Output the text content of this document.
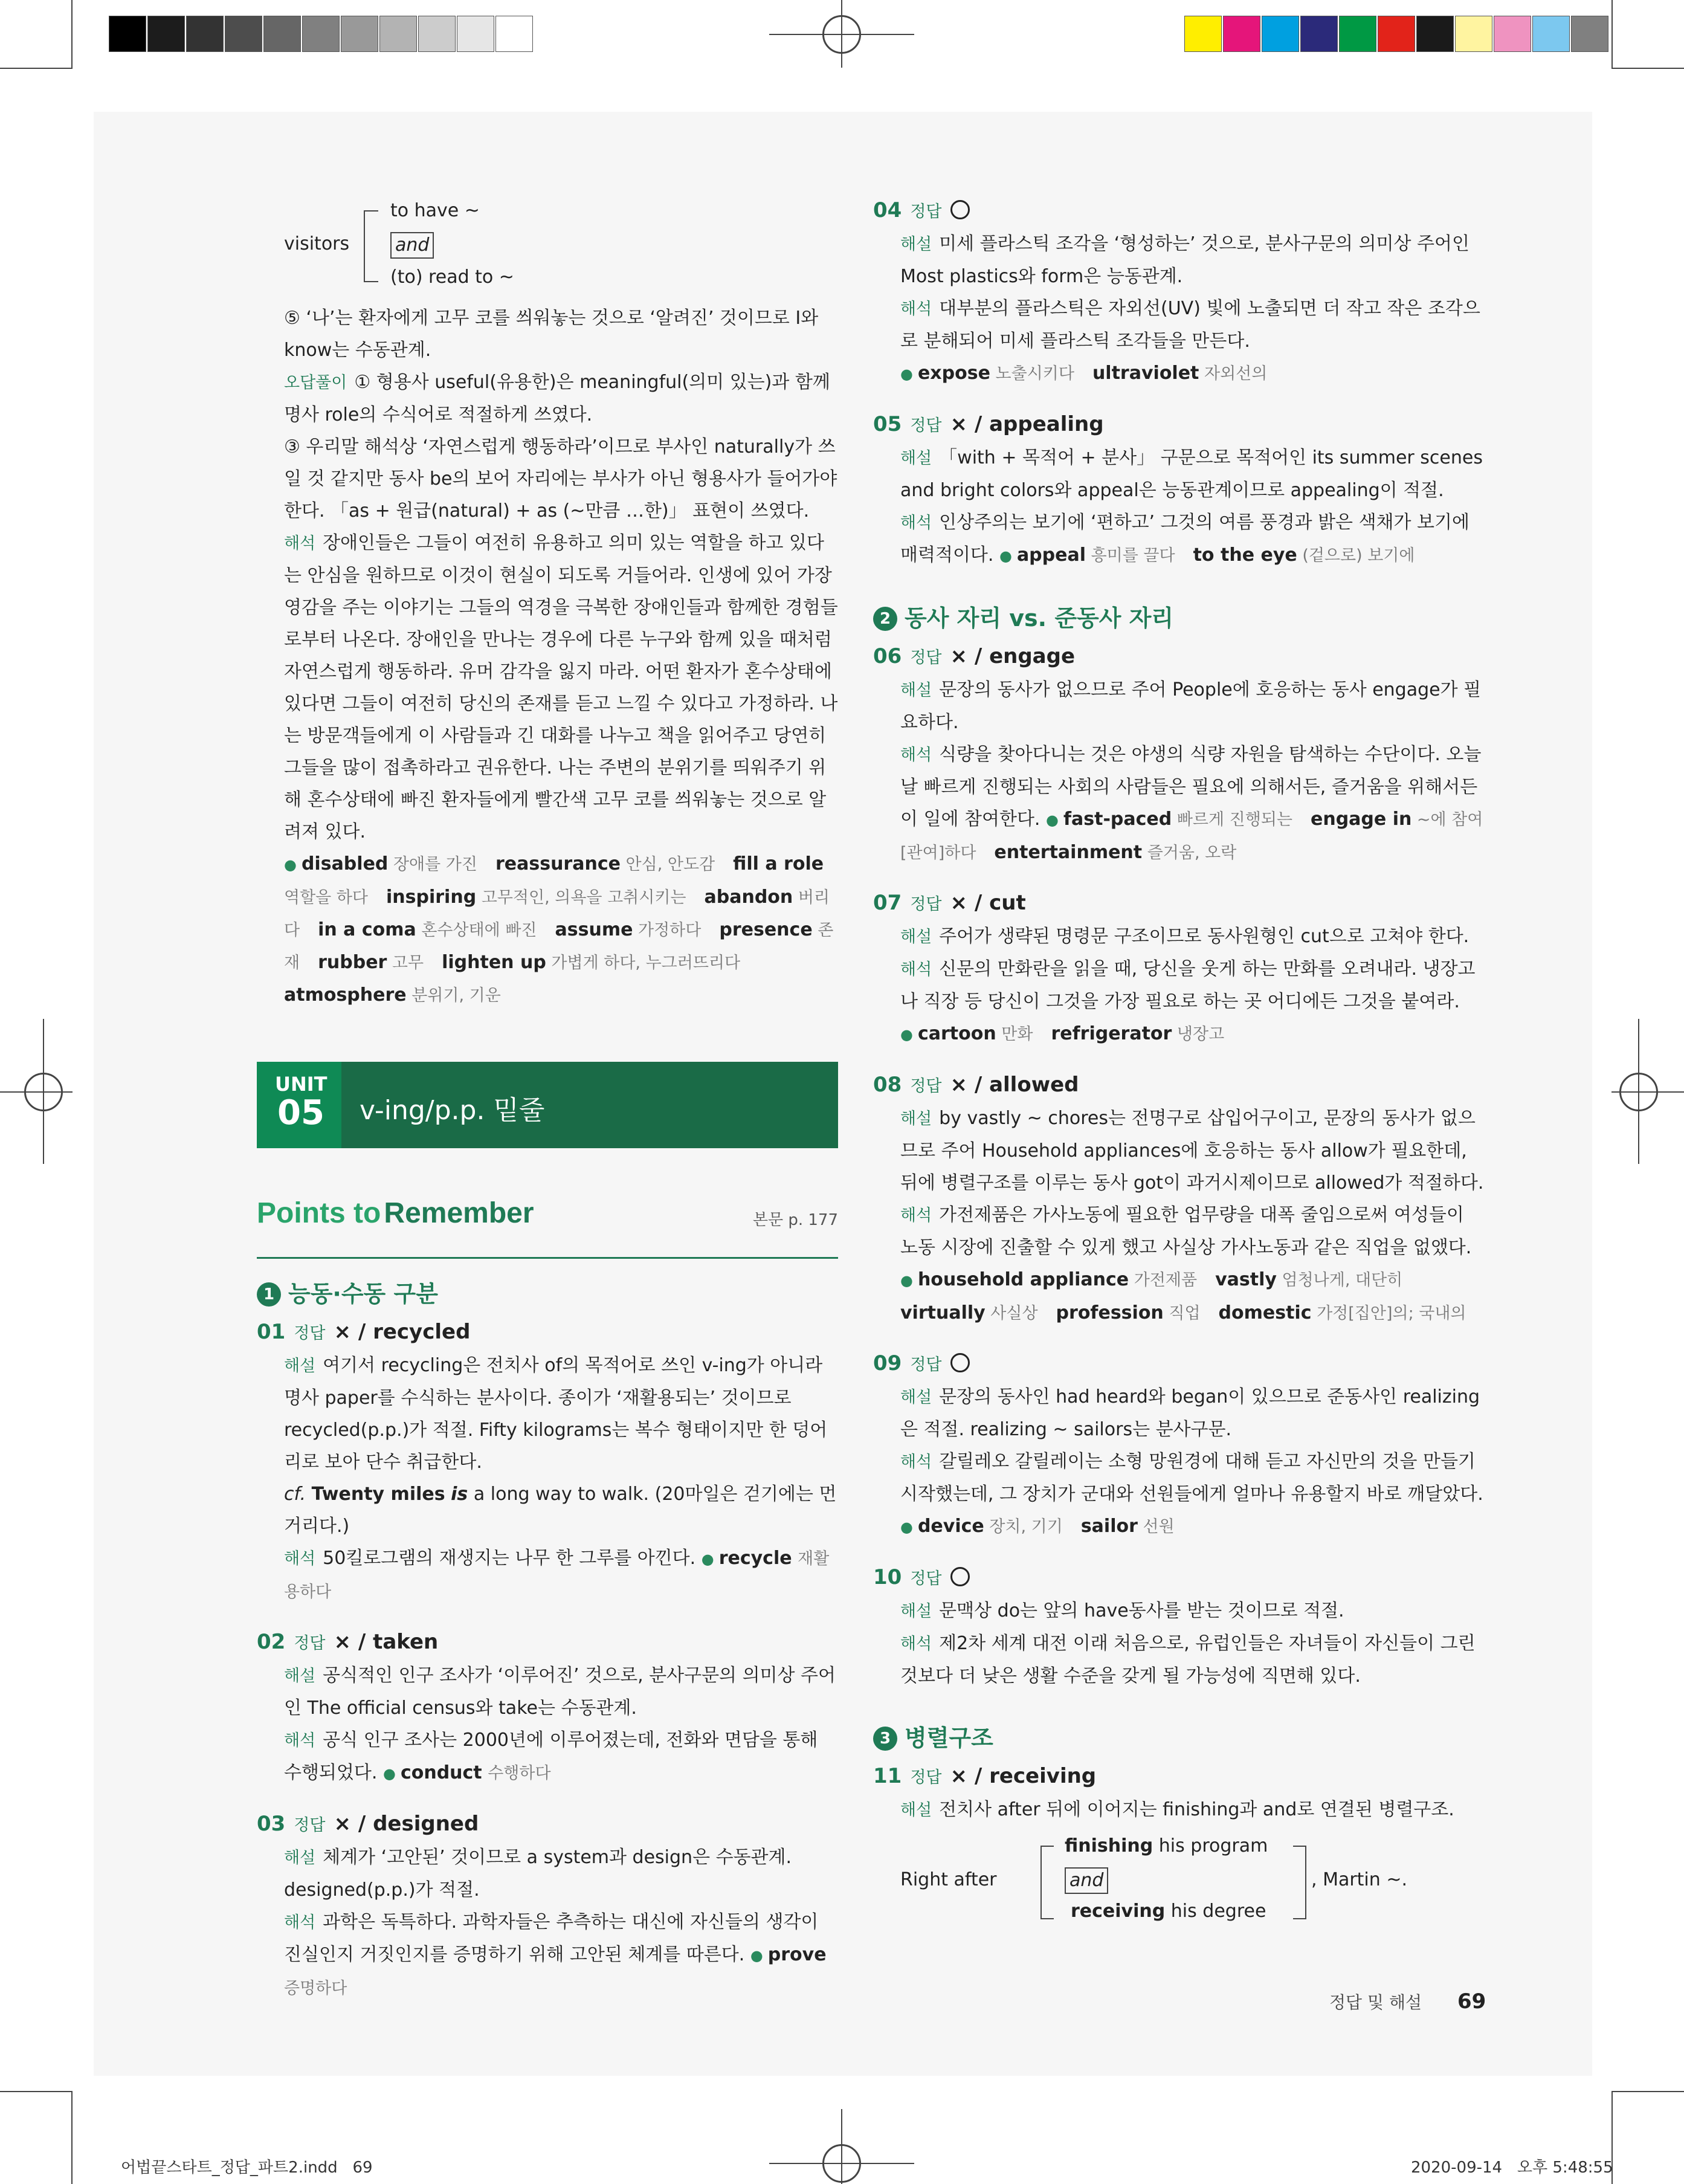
visitors
to have ~
and
(to) read to ~

⑤ ‘나’는 환자에게 고무 코를 씌워놓는 것으로 ‘알려진’ 것이므로 I와 know는 수동관계.

오답풀이 ① 형용사 useful(유용한)은 meaningful(의미 있는)과 함께 명사 role의 수식어로 적절하게 쓰였다.

③ 우리말 해석상 ‘자연스럽게 행동하라’이므로 부사인 naturally가 쓰일 것 같지만 동사 be의 보어 자리에는 부사가 아닌 형용사가 들어가야 한다. 「as + 원급(natural) + as (~만큼 …한)」 표현이 쓰였다.

해석 장애인들은 그들이 여전히 유용하고 의미 있는 역할을 하고 있다는 안심을 원하므로 이것이 현실이 되도록 거들어라. 인생에 있어 가장 영감을 주는 이야기는 그들의 역경을 극복한 장애인들과 함께한 경험들로부터 나온다. 장애인을 만나는 경우에 다른 누구와 함께 있을 때처럼 자연스럽게 행동하라. 유머 감각을 잃지 마라. 어떤 환자가 혼수상태에 있다면 그들이 여전히 당신의 존재를 듣고 느낄 수 있다고 가정하라. 나는 방문객들에게 이 사람들과 긴 대화를 나누고 책을 읽어주고 당연히 그들을 많이 접촉하라고 권유한다. 나는 주변의 분위기를 띄워주기 위해 혼수상태에 빠진 환자들에게 빨간색 고무 코를 씌워놓는 것으로 알려져 있다.

● disabled 장애를 가진  reassurance 안심, 안도감  fill a role 역할을 하다  inspiring 고무적인, 의욕을 고취시키는  abandon 버리다  in a coma 혼수상태에 빠진  assume 가정하다  presence 존재  rubber 고무  lighten up 가볍게 하다, 누그러뜨리다 atmosphere 분위기, 기운

UNIT
05 v-ing/p.p. 밑줄
Points to Remember	본문 p. 177

1 능동·수동 구분

01 정답 × / recycled

해설 여기서 recycling은 전치사 of의 목적어로 쓰인 v-ing가 아니라 명사 paper를 수식하는 분사이다. 종이가 ‘재활용되는’ 것이므로 recycled(p.p.)가 적절. Fifty kilograms는 복수 형태이지만 한 덩어리로 보아 단수 취급한다.

cf. Twenty miles is a long way to walk. (20마일은 걷기에는 먼 거리다.)

해석 50킬로그램의 재생지는 나무 한 그루를 아낀다. ● recycle 재활용하다

02 정답 × / taken

해설 공식적인 인구 조사가 ‘이루어진’ 것으로, 분사구문의 의미상 주어인 The official census와 take는 수동관계.

해석 공식 인구 조사는 2000년에 이루어졌는데, 전화와 면담을 통해 수행되었다. ● conduct 수행하다

03 정답 × / designed

해설 체계가 ‘고안된’ 것이므로 a system과 design은 수동관계. designed(p.p.)가 적절.

해석 과학은 독특하다. 과학자들은 추측하는 대신에 자신들의 생각이 진실인지 거짓인지를 증명하기 위해 고안된 체계를 따른다. ● prove 증명하다

04 정답

해설 미세 플라스틱 조각을 ‘형성하는’ 것으로, 분사구문의 의미상 주어인 Most plastics와 form은 능동관계.

해석 대부분의 플라스틱은 자외선(UV) 빛에 노출되면 더 작고 작은 조각으로 분해되어 미세 플라스틱 조각들을 만든다.

● expose 노출시키다  ultraviolet 자외선의

05 정답 × / appealing

해설 「with + 목적어 + 분사」 구문으로 목적어인 its summer scenes and bright colors와 appeal은 능동관계이므로 appealing이 적절.

해석 인상주의는 보기에 ‘편하고’ 그것의 여름 풍경과 밝은 색채가 보기에 매력적이다. ● appeal 흥미를 끌다  to the eye (겉으로) 보기에

2 동사 자리 vs. 준동사 자리

06 정답 × / engage

해설 문장의 동사가 없으므로 주어 People에 호응하는 동사 engage가 필요하다.

해석 식량을 찾아다니는 것은 야생의 식량 자원을 탐색하는 수단이다. 오늘날 빠르게 진행되는 사회의 사람들은 필요에 의해서든, 즐거움을 위해서든 이 일에 참여한다. ● fast-paced 빠르게 진행되는  engage in ~에 참여[관여]하다  entertainment 즐거움, 오락

07 정답 × / cut

해설 주어가 생략된 명령문 구조이므로 동사원형인 cut으로 고쳐야 한다.

해석 신문의 만화란을 읽을 때, 당신을 웃게 하는 만화를 오려내라. 냉장고나 직장 등 당신이 그것을 가장 필요로 하는 곳 어디에든 그것을 붙여라.

● cartoon 만화  refrigerator 냉장고

08 정답 × / allowed

해설 by vastly ~ chores는 전명구로 삽입어구이고, 문장의 동사가 없으므로 주어 Household appliances에 호응하는 동사 allow가 필요한데, 뒤에 병렬구조를 이루는 동사 got이 과거시제이므로 allowed가 적절하다.

해석 가전제품은 가사노동에 필요한 업무량을 대폭 줄임으로써 여성들이 노동 시장에 진출할 수 있게 했고 사실상 가사노동과 같은 직업을 없앴다.

● household appliance 가전제품  vastly 엄청나게, 대단히 virtually 사실상  profession 직업  domestic 가정[집안]의; 국내의

09 정답

해설 문장의 동사인 had heard와 began이 있으므로 준동사인 realizing은 적절. realizing ~ sailors는 분사구문.

해석 갈릴레오 갈릴레이는 소형 망원경에 대해 듣고 자신만의 것을 만들기 시작했는데, 그 장치가 군대와 선원들에게 얼마나 유용할지 바로 깨달았다.

● device 장치, 기기  sailor 선원

10 정답

해설 문맥상 do는 앞의 have동사를 받는 것이므로 적절.

해석 제2차 세계 대전 이래 처음으로, 유럽인들은 자녀들이 자신들이 그린 것보다 더 낮은 생활 수준을 갖게 될 가능성에 직면해 있다.

3 병렬구조

11 정답 × / receiving

해설 전치사 after 뒤에 이어지는 finishing과 and로 연결된 병렬구조.

Right after
finishing his program
and
receiving his degree
, Martin ~.
정답 및 해설 69
어법끝스타트_정답_파트2.indd   69	2020-09-14   오후 5:48:55
